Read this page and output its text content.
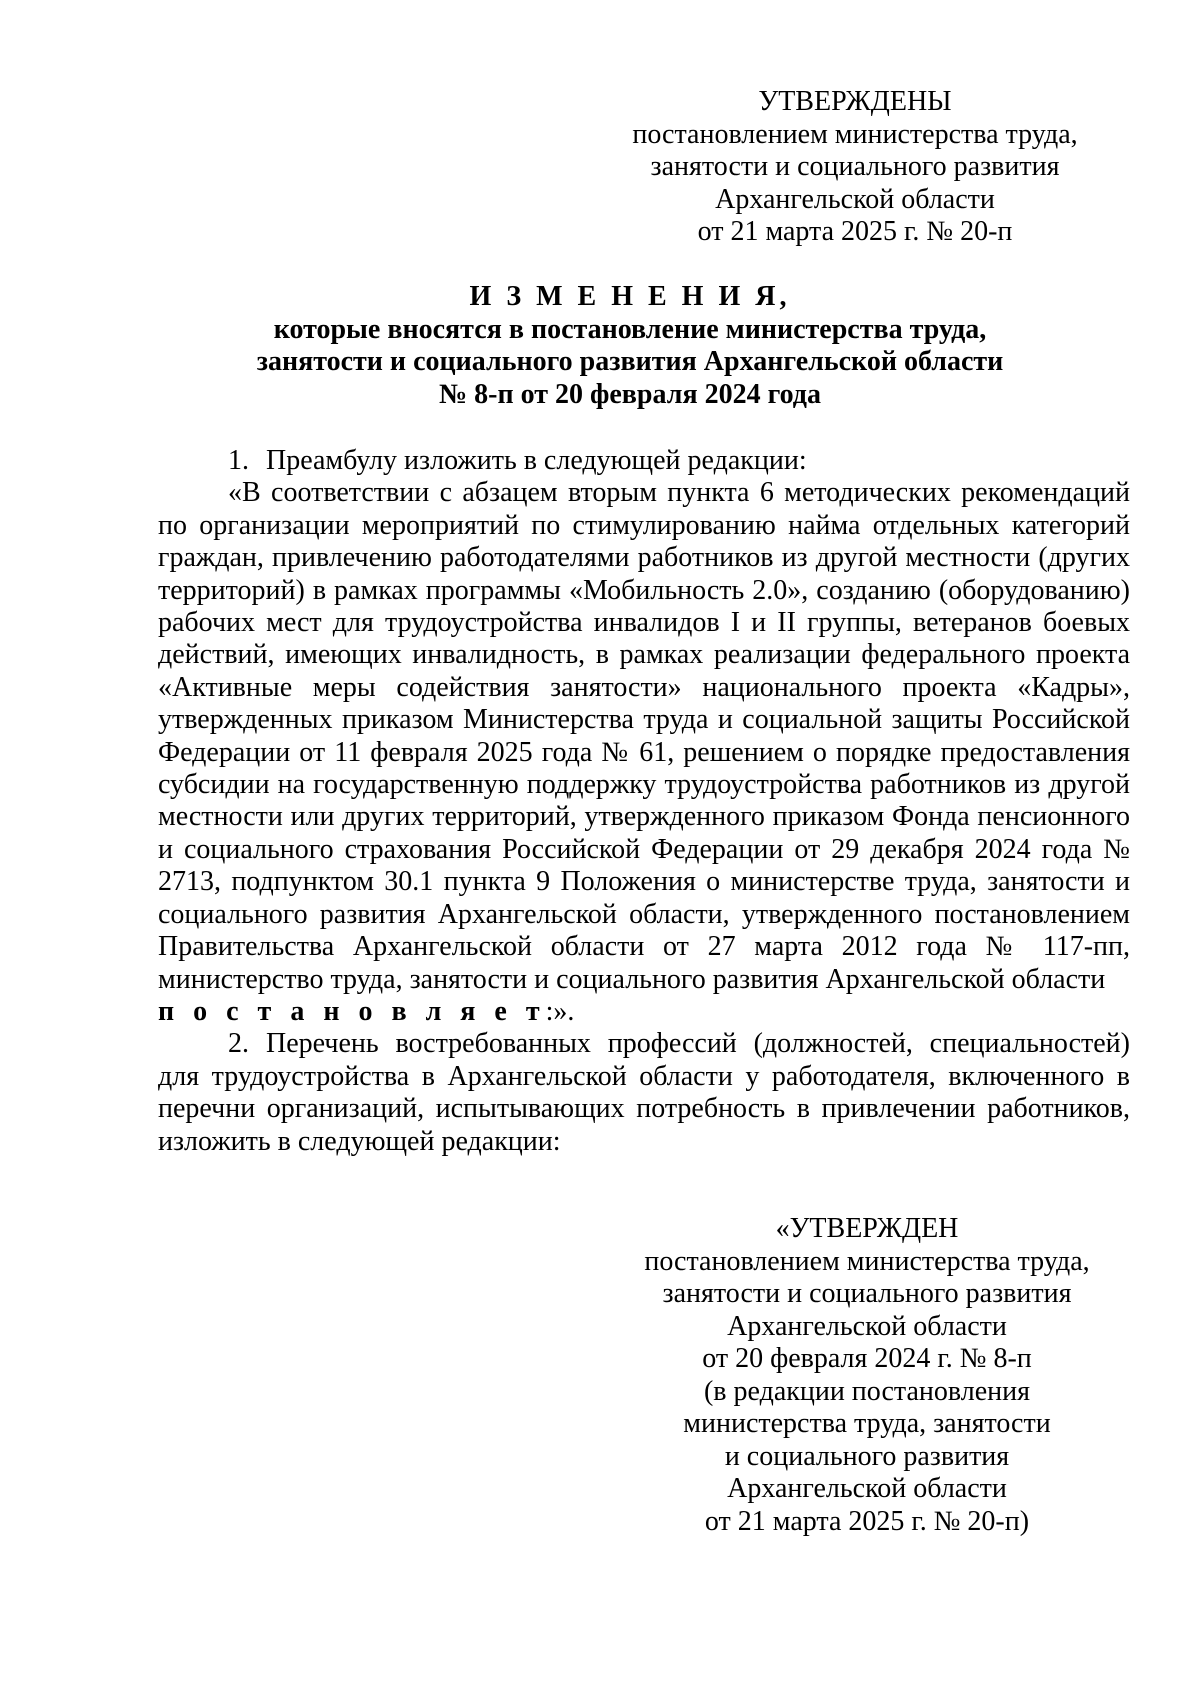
УТВЕРЖДЕНЫ
постановлением министерства труда,
занятости и социального развития
Архангельской области
от 21 марта 2025 г. № 20-п
И З М Е Н Е Н И Я,
которые вносятся в постановление министерства труда,
занятости и социального развития Архангельской области
№ 8-п от 20 февраля 2024 года

1. Преамбулу изложить в следующей редакции:

«В соответствии с абзацем вторым пункта 6 методических рекомендаций по организации мероприятий по стимулированию найма отдельных категорий граждан, привлечению работодателями работников из другой местности (других территорий) в рамках программы «Мобильность 2.0», созданию (оборудованию) рабочих мест для трудоустройства инвалидов I и II группы, ветеранов боевых действий, имеющих инвалидность, в рамках реализации федерального проекта «Активные меры содействия занятости» национального проекта «Кадры», утвержденных приказом Министерства труда и социальной защиты Российской Федерации от 11 февраля 2025 года № 61, решением о порядке предоставления субсидии на государственную поддержку трудоустройства работников из другой местности или других территорий, утвержденного приказом Фонда пенсионного и социального страхования Российской Федерации от 29 декабря 2024 года № 2713, подпунктом 30.1 пункта 9 Положения о министерстве труда, занятости и социального развития Архангельской области, утвержденного постановлением Правительства Архангельской области от 27 марта 2012 года № 117-пп, министерство труда, занятости и социального развития Архангельской области
п о с т а н о в л я е т:».

2. Перечень востребованных профессий (должностей, специальностей) для трудоустройства в Архангельской области у работодателя, включенного в перечни организаций, испытывающих потребность в привлечении работников, изложить в следующей редакции:

«УТВЕРЖДЕН
постановлением министерства труда,
занятости и социального развития
Архангельской области
от 20 февраля 2024 г. № 8-п
(в редакции постановления
министерства труда, занятости
и социального развития
Архангельской области
от 21 марта 2025 г. № 20-п)
